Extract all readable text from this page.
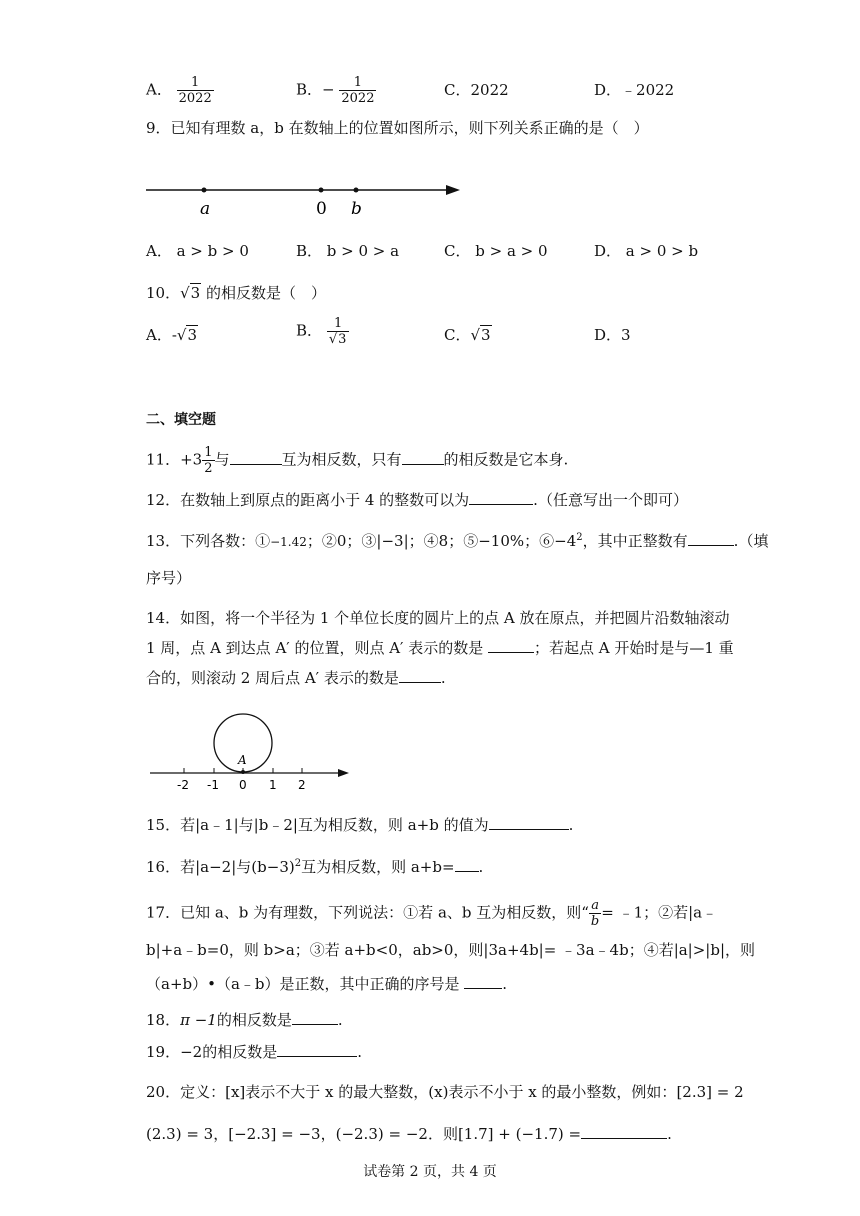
A． $\frac{1}{2022}$	B．− $\frac{1}{2022}$	C．2022	D．﹣2022
9．已知有理数 a，b 在数轴上的位置如图所示，则下列关系正确的是（　）
a	0 b
A． a > b > 0	B． b > 0 > a	C． b > a > 0	D． a > 0 > b
10．√3 的相反数是（　）
A．-√3	B． $\frac{1}{√3}$	C．√3	D．3
二、填空题
11．$+3 \frac{1}{2}$ 与	互为相反数，只有	的相反数是它本身.
12．在数轴上到原点的距离小于 4 的整数可以为	.（任意写出一个即可）
13．下列各数：①−1.42；②0；③ | −3 | ；④8；⑤−10%；$⑥-4^2$，其中正整数有	.（填
序号）
14．如图，将一个半径为 1 个单位长度的圆片上的点 A 放在原点，并把圆片沿数轴滚动
1 周，点 A 到达点 A′ 的位置，则点 A′ 表示的数是	；若起点 A 开始时是与—1 重
合的，则滚动 2 周后点 A′ 表示的数是	.
A
-2 -1 0 1 2
15．若|a﹣1|与|b﹣2|互为相反数，则 a+b 的值为	.
16．若 | a−2 | 与$(b-3)^2$互为相反数，则 a+b= .
17．已知 a、b 为有理数，下列说法：①若 a、b 互为相反数，则“ $\frac{a}{b}$ = ﹣1；②若|a﹣
b|+a﹣b=0，则 b>a；③若 a+b<0，ab>0，则|3a+4b|= ﹣3a﹣4b；④若|a|>|b|，则
（a+b）•（a﹣b）是正数，其中正确的序号是	.
18．π −1的相反数是	.
19．−2的相反数是	.
20．定义：[x]表示不大于 x 的最大整数，(x)表示不小于 x 的最小整数，例如：[2.3] = 2
(2.3) = 3，[−2.3] = −3，(−2.3) = −2．则[1.7] + (−1.7) =	.
试卷第 2 页，共 4 页
